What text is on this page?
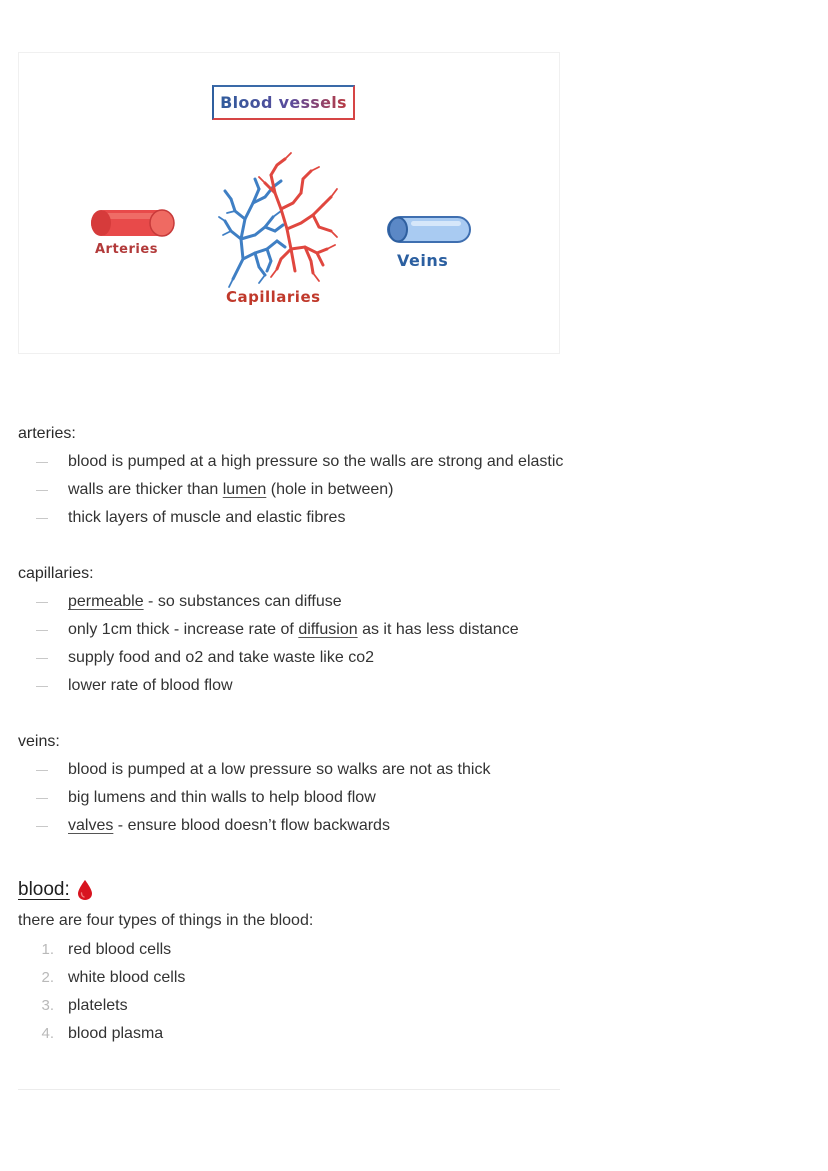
Blood vessels
Arteries
Capillaries
Veins
arteries:
blood is pumped at a high pressure so the walls are strong and elastic
walls are thicker than lumen (hole in between)
thick layers of muscle and elastic fibres
capillaries:
permeable - so substances can diffuse
only 1cm thick - increase rate of diffusion as it has less distance
supply food and o2 and take waste like co2
lower rate of blood flow
veins:
blood is pumped at a low pressure so walks are not as thick
big lumens and thin walls to help blood flow
valves - ensure blood doesn’t flow backwards
blood:
there are four types of things in the blood:
1. red blood cells
2. white blood cells
3. platelets
4. blood plasma
